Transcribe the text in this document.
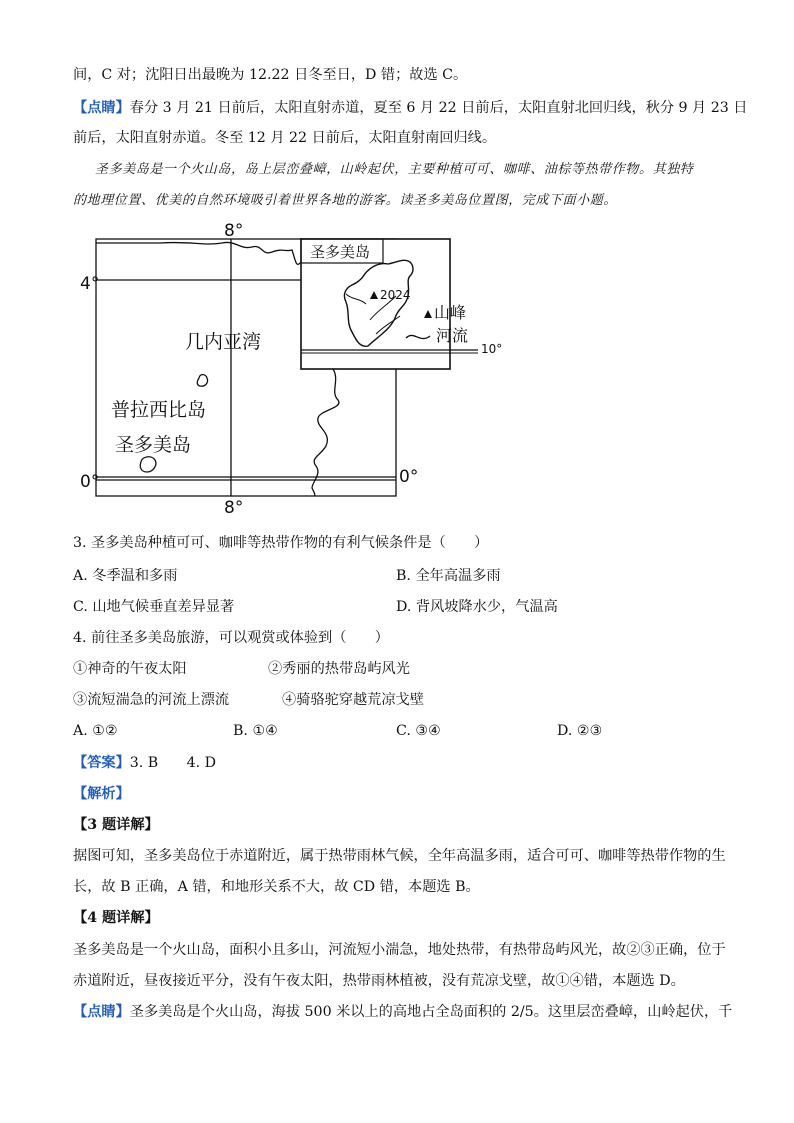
间，C 对；沈阳日出最晚为 12.22 日冬至日，D 错；故选 C。
【点睛】春分 3 月 21 日前后，太阳直射赤道，夏至 6 月 22 日前后，太阳直射北回归线，秋分 9 月 23 日
前后，太阳直射赤道。冬至 12 月 22 日前后，太阳直射南回归线。
圣多美岛是一个火山岛，岛上层峦叠嶂，山岭起伏，主要种植可可、咖啡、油棕等热带作物。其独特
的地理位置、优美的自然环境吸引着世界各地的游客。读圣多美岛位置图，完成下面小题。
8°
8°
4°
0°	0°
几内亚湾
普拉西比岛
圣多美岛
圣多美岛
2024
山峰
河流
10°
3. 圣多美岛种植可可、咖啡等热带作物的有利气候条件是（　　）
A. 冬季温和多雨	B. 全年高温多雨
C. 山地气候垂直差异显著	D. 背风坡降水少，气温高
4. 前往圣多美岛旅游，可以观赏或体验到（　　）
①神奇的午夜太阳	②秀丽的热带岛屿风光
③流短湍急的河流上漂流	④骑骆驼穿越荒凉戈壁
A. ①②	B. ①④	C. ③④	D. ②③
【答案】3. B　　4. D
【解析】
【3 题详解】
据图可知，圣多美岛位于赤道附近，属于热带雨林气候，全年高温多雨，适合可可、咖啡等热带作物的生
长，故 B 正确，A 错，和地形关系不大，故 CD 错，本题选 B。
【4 题详解】
圣多美岛是一个火山岛，面积小且多山，河流短小湍急，地处热带，有热带岛屿风光，故②③正确，位于
赤道附近，昼夜接近平分，没有午夜太阳，热带雨林植被，没有荒凉戈壁，故①④错，本题选 D。
【点睛】圣多美岛是个火山岛，海拔 500 米以上的高地占全岛面积的 2/5。这里层峦叠嶂，山岭起伏，千
